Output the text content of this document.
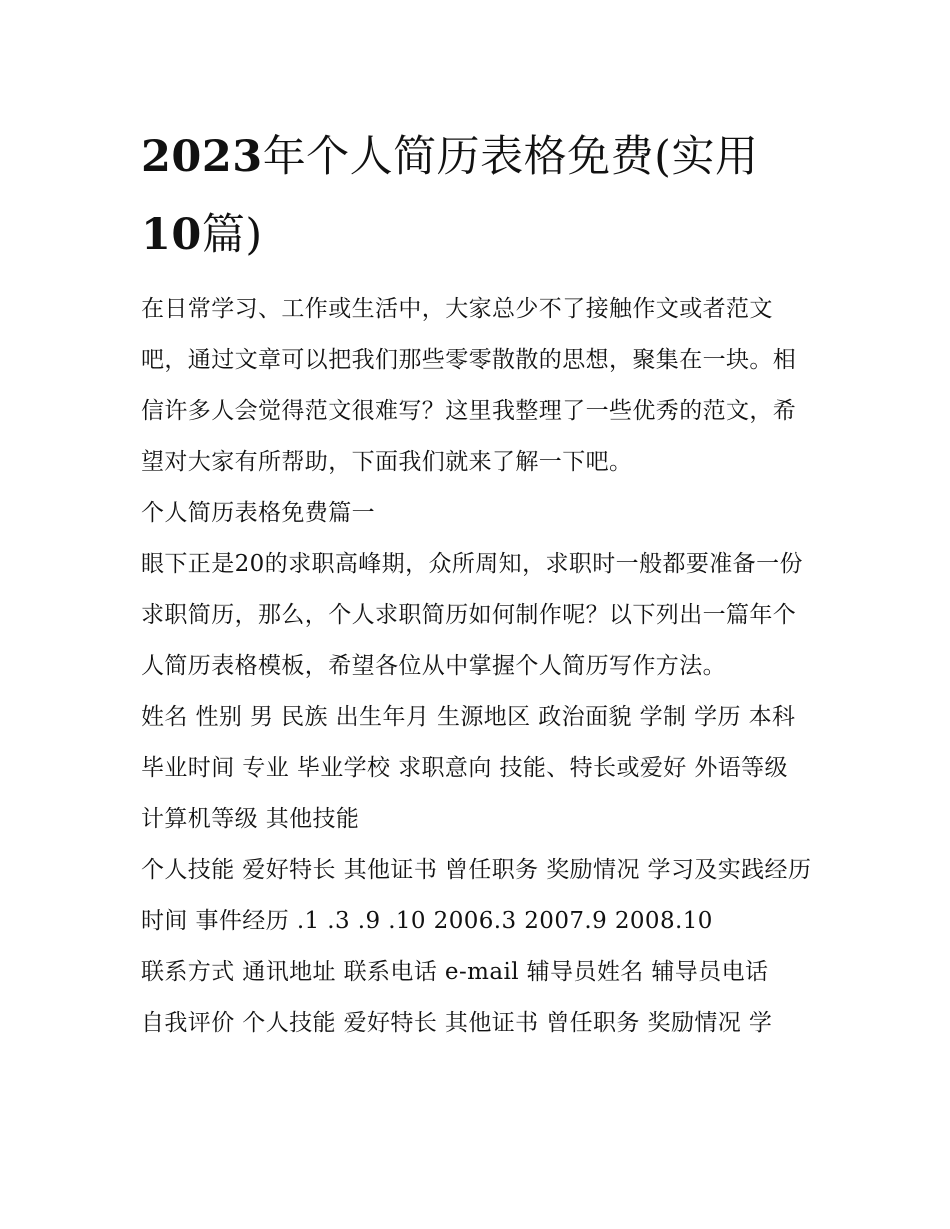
2023年个人简历表格免费(实用10篇)

在日常学习、工作或生活中，大家总少不了接触作文或者范文吧，通过文章可以把我们那些零零散散的思想，聚集在一块。相信许多人会觉得范文很难写？这里我整理了一些优秀的范文，希望对大家有所帮助，下面我们就来了解一下吧。

个人简历表格免费篇一

眼下正是20的求职高峰期，众所周知，求职时一般都要准备一份求职简历，那么，个人求职简历如何制作呢？以下列出一篇年个人简历表格模板，希望各位从中掌握个人简历写作方法。

姓名 性别 男 民族 出生年月 生源地区 政治面貌 学制 学历 本科 毕业时间 专业 毕业学校 求职意向 技能、特长或爱好 外语等级 计算机等级 其他技能

个人技能 爱好特长 其他证书 曾任职务 奖励情况 学习及实践经历 时间 事件经历 .1 .3 .9 .10 2006.3 2007.9 2008.10

联系方式 通讯地址 联系电话 e-mail 辅导员姓名 辅导员电话

自我评价 个人技能 爱好特长 其他证书 曾任职务 奖励情况 学
